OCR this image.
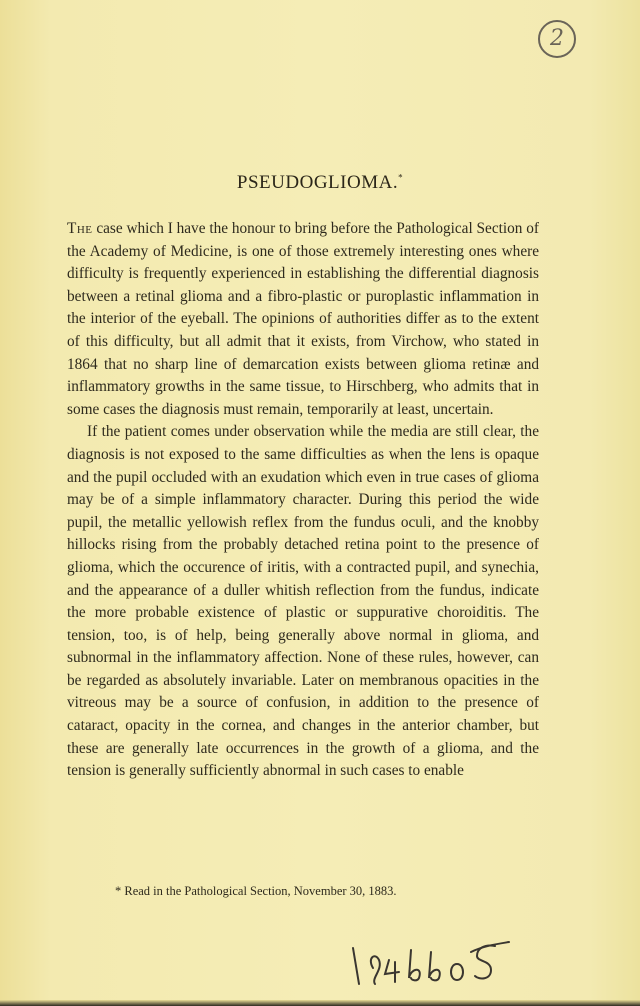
2
PSEUDOGLIOMA.*

The case which I have the honour to bring before the Pathological Section of the Academy of Medicine, is one of those extremely interesting ones where difficulty is frequently experienced in establishing the differential diagnosis between a retinal glioma and a fibro-plastic or puroplastic inflammation in the interior of the eyeball. The opinions of authorities differ as to the extent of this difficulty, but all admit that it exists, from Virchow, who stated in 1864 that no sharp line of demarcation exists between glioma retinæ and inflammatory growths in the same tissue, to Hirschberg, who admits that in some cases the diagnosis must remain, temporarily at least, uncertain.

If the patient comes under observation while the media are still clear, the diagnosis is not exposed to the same difficulties as when the lens is opaque and the pupil occluded with an exudation which even in true cases of glioma may be of a simple inflammatory character. During this period the wide pupil, the metallic yellowish reflex from the fundus oculi, and the knobby hillocks rising from the probably detached retina point to the presence of glioma, which the occurence of iritis, with a contracted pupil, and synechia, and the appearance of a duller whitish reflection from the fundus, indicate the more probable existence of plastic or suppurative choroiditis. The tension, too, is of help, being generally above normal in glioma, and subnormal in the inflammatory affection. None of these rules, however, can be regarded as absolutely invariable. Later on membranous opacities in the vitreous may be a source of confusion, in addition to the presence of cataract, opacity in the cornea, and changes in the anterior chamber, but these are generally late occurrences in the growth of a glioma, and the tension is generally sufficiently abnormal in such cases to enable

* Read in the Pathological Section, November 30, 1883.
